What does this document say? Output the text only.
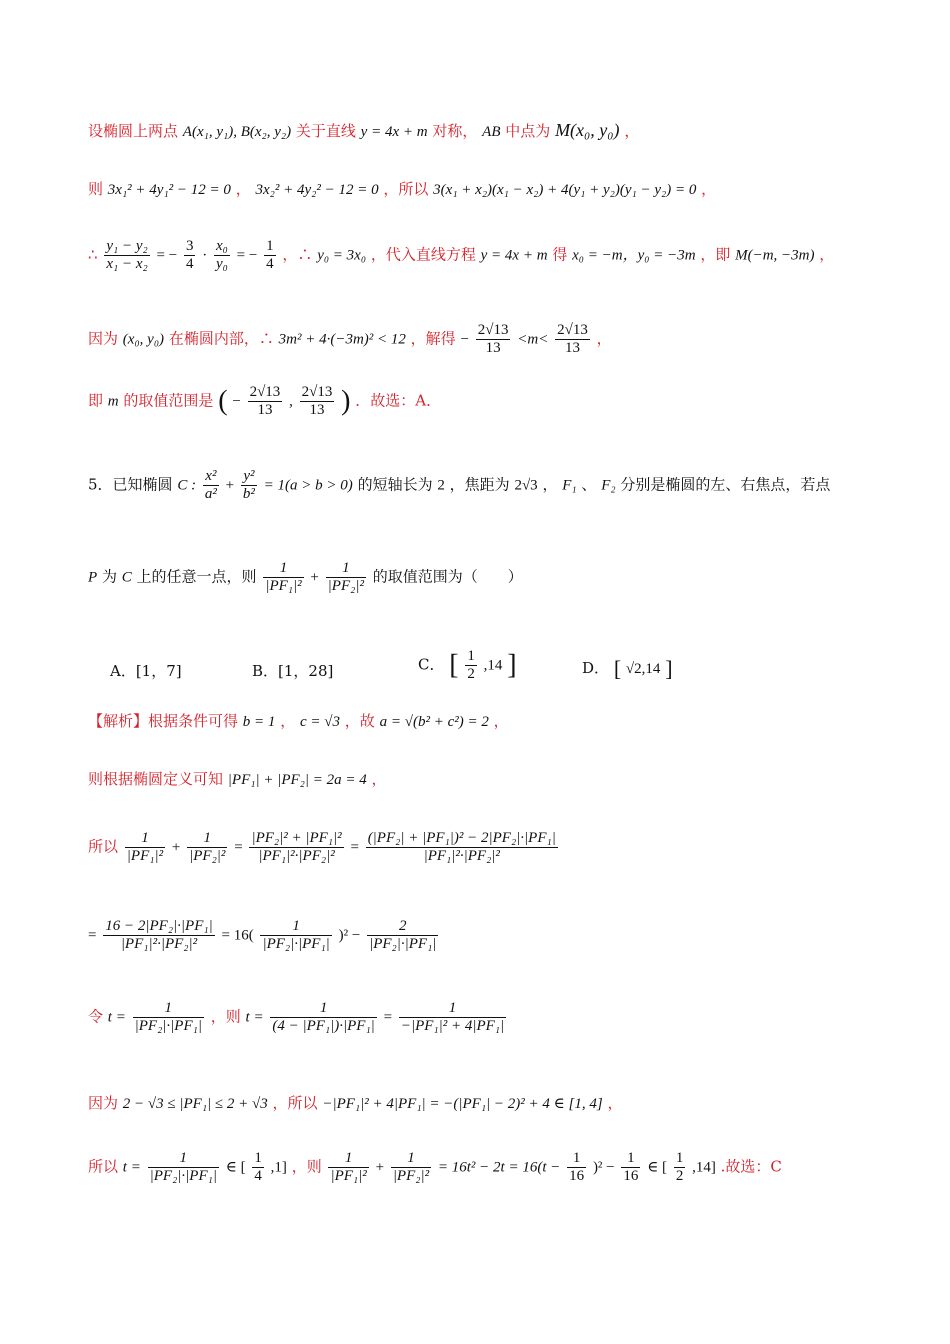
设椭圆上两点 A(x₁, y₁), B(x₂, y₂) 关于直线 y = 4x + m 对称， AB 中点为 M(x₀, y₀) ，
则 3x₁² + 4y₁² − 12 = 0 ， 3x₂² + 4y₂² − 12 = 0 ，所以 3(x₁ + x₂)(x₁ − x₂) + 4(y₁ + y₂)(y₁ − y₂) = 0 ，
∴ $\frac{\text{y₁ − y₂}}{\text{x₁ − x₂}}$ = − $\frac{3}{4} \cdot \frac{\text{x₀}}{\text{y₀}}$ = − $\frac{1}{4}$ ，∴ y₀ = 3x₀ ，代入直线方程 y = 4x + m 得 x₀ = −m，y₀ = −3m ，即 M(−m, −3m) ，
因为 (x₀, y₀) 在椭圆内部，∴ 3m² + 4·(−3m)² < 12 ，解得 − $\frac{2√13}{13} <m< \frac{2√13}{13}$ ，
即 m 的取值范围是 ( − $\frac{2√13}{13}$ , $\frac{2√13}{13}$ ) ．故选：A．
5．已知椭圆 C : $\frac{\text{x²}}{\text{a²}} + \frac{\text{y²}}{\text{b²}} = 1(a > b > 0)$ 的短轴长为 2 ，焦距为 2√3 ， F₁ 、 F₂ 分别是椭圆的左、右焦点，若点
P 为 C 上的任意一点，则 $\frac{1}{\text{|PF₁|²}} + \frac{1}{\text{|PF₂|²}}$ 的取值范围为（　　）
A．[1，7]	B．[1，28]	C． [ $\frac{1}{2} ,14$ ]	D． [ √2,14 ]
【解析】根据条件可得 b = 1 ， c = √3 ，故 a = √(b² + c²) = 2 ，
则根据椭圆定义可知 |PF₁| + |PF₂| = 2a = 4 ，
所以 $\frac{1}{\text{|PF₁|²}} + \frac{1}{\text{|PF₂|²}} = \frac{\text{|PF₂|² + |PF₁|²}}{\text{|PF₁|²·|PF₂|²}} = \frac{\text{(|PF₂| + |PF₁|)² − 2|PF₂|·|PF₁|}}{\text{|PF₁|²·|PF₂|²}}$
= $\frac{\text{16 − 2|PF₂|·|PF₁|}}{\text{|PF₁|²·|PF₂|²}} = 16( \frac{1}{\text{|PF₂|·|PF₁|}} )^2 - \frac{2}{\text{|PF₂|·|PF₁|}}$
令 $t = \frac{1}{\text{|PF₂|·|PF₁|}}$ ，则 $t = \frac{1}{\text{(4 − |PF₁|)·|PF₁|}} = \frac{1}{\text{−|PF₁|² + 4|PF₁|}}$
因为 2 − √3 ≤ |PF₁| ≤ 2 + √3 ，所以 −|PF₁|² + 4|PF₁| = −(|PF₁| − 2)² + 4 ∈ [1, 4] ，
所以 $t = \frac{1}{\text{|PF₂|·|PF₁|}}$ ∈ [ $\frac{1}{4} ,1$] ，则 $\frac{1}{\text{|PF₁|²}} + \frac{1}{\text{|PF₂|²}} = 16t^2 - 2t = 16(t - \frac{1}{16} )^2 - \frac{1}{16}$ ∈ [ $\frac{1}{2} ,14$] .故选：C
